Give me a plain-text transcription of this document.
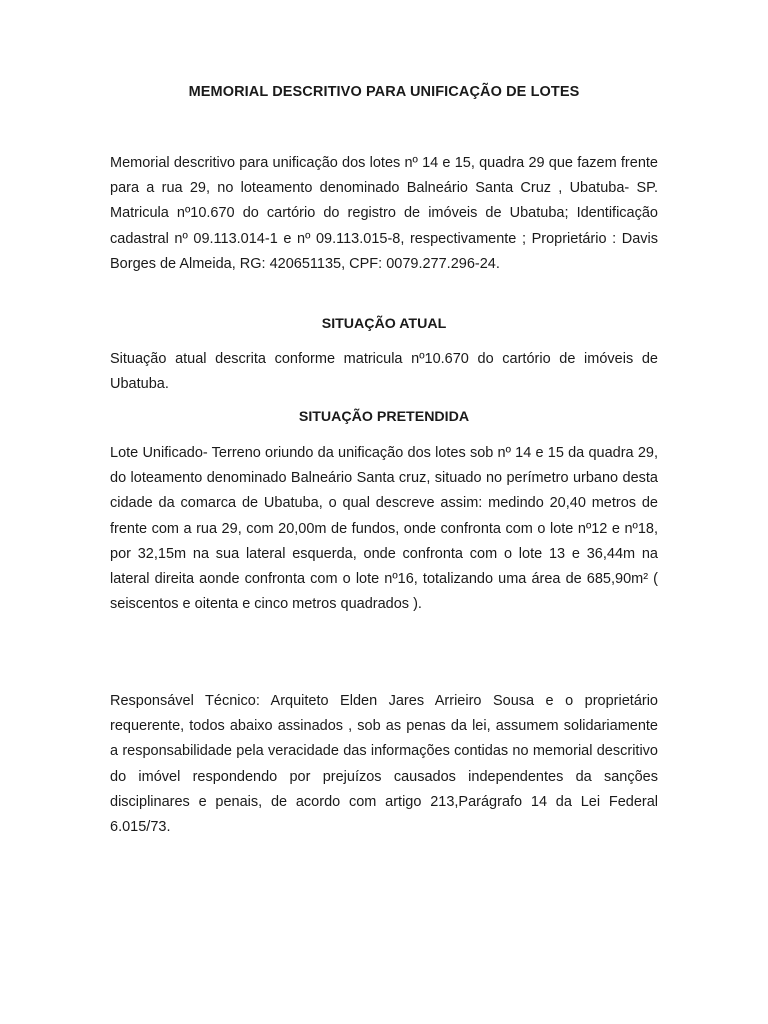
MEMORIAL DESCRITIVO PARA UNIFICAÇÃO DE LOTES

Memorial descritivo para unificação dos lotes nº 14 e 15, quadra 29 que fazem frente para a rua 29, no loteamento denominado Balneário Santa Cruz , Ubatuba- SP. Matricula nº10.670 do cartório do registro de imóveis de Ubatuba; Identificação cadastral nº 09.113.014-1 e nº 09.113.015-8, respectivamente ; Proprietário : Davis Borges de Almeida, RG: 420651135, CPF: 0079.277.296-24.

SITUAÇÃO ATUAL

Situação atual descrita conforme matricula nº10.670 do cartório de imóveis de Ubatuba.

SITUAÇÃO PRETENDIDA

Lote Unificado- Terreno oriundo da unificação dos lotes sob nº 14 e 15 da quadra 29, do loteamento denominado Balneário Santa cruz, situado no perímetro urbano desta cidade da comarca de Ubatuba, o qual descreve assim: medindo 20,40 metros de frente com a rua 29, com 20,00m de fundos, onde confronta com o lote nº12 e nº18, por 32,15m na sua lateral esquerda, onde confronta com o lote 13 e 36,44m na lateral direita aonde confronta com o lote nº16, totalizando uma área de 685,90m² ( seiscentos e oitenta e cinco metros quadrados ).

Responsável Técnico: Arquiteto Elden Jares Arrieiro Sousa e o proprietário requerente, todos abaixo assinados , sob as penas da lei, assumem solidariamente a responsabilidade pela veracidade das informações contidas no memorial descritivo do imóvel respondendo por prejuízos causados independentes da sanções disciplinares e penais, de acordo com artigo 213,Parágrafo 14 da Lei Federal 6.015/73.
